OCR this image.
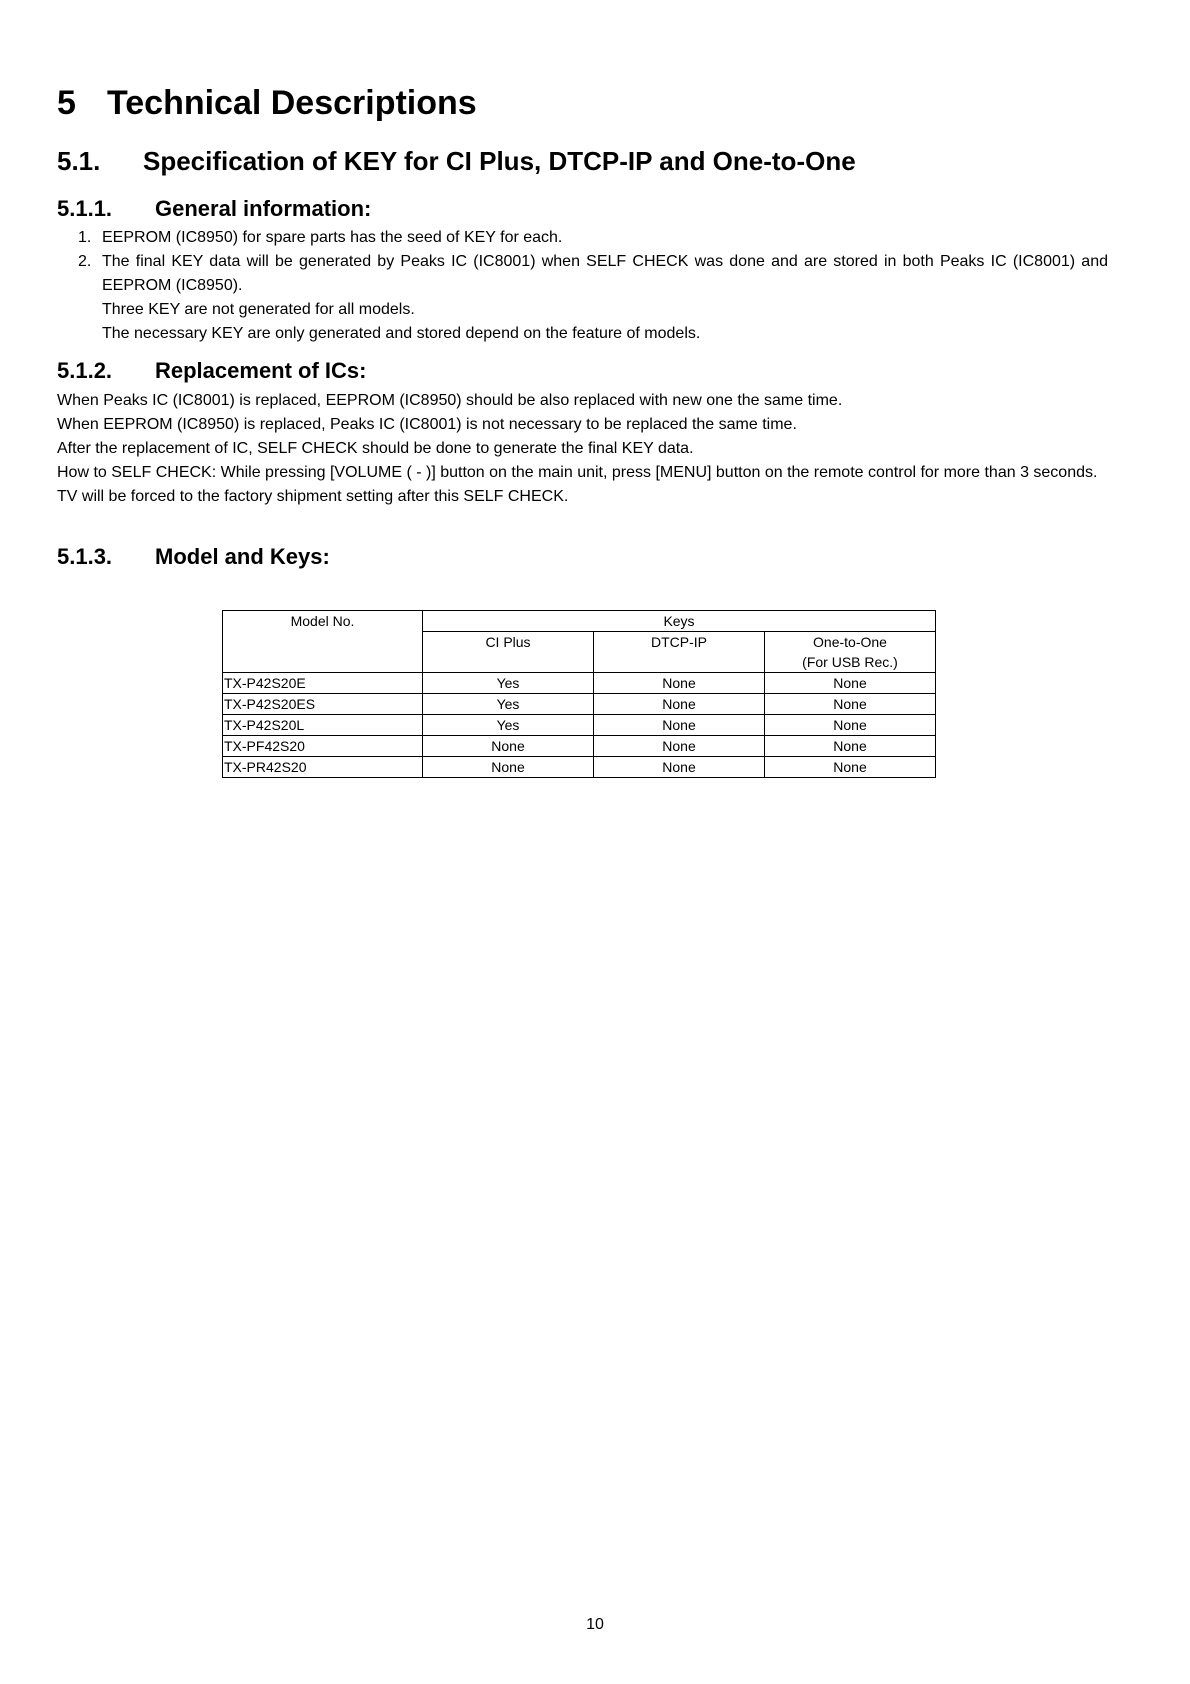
5 Technical Descriptions
5.1. Specification of KEY for CI Plus, DTCP-IP and One-to-One
5.1.1. General information:
1. EEPROM (IC8950) for spare parts has the seed of KEY for each.
2. The final KEY data will be generated by Peaks IC (IC8001) when SELF CHECK was done and are stored in both Peaks IC (IC8001) and EEPROM (IC8950).
Three KEY are not generated for all models.
The necessary KEY are only generated and stored depend on the feature of models.
5.1.2. Replacement of ICs:

When Peaks IC (IC8001) is replaced, EEPROM (IC8950) should be also replaced with new one the same time.

When EEPROM (IC8950) is replaced, Peaks IC (IC8001) is not necessary to be replaced the same time.

After the replacement of IC, SELF CHECK should be done to generate the final KEY data.

How to SELF CHECK: While pressing [VOLUME ( - )] button on the main unit, press [MENU] button on the remote control for more than 3 seconds.

TV will be forced to the factory shipment setting after this SELF CHECK.

5.1.3. Model and Keys:
Model No.	Keys		
	CI Plus	DTCP-IP	One-to-One
(For USB Rec.)

TX-P42S20E	Yes	None	None
TX-P42S20ES	Yes	None	None
TX-P42S20L	Yes	None	None
TX-PF42S20	None	None	None
TX-PR42S20	None	None	None
10
